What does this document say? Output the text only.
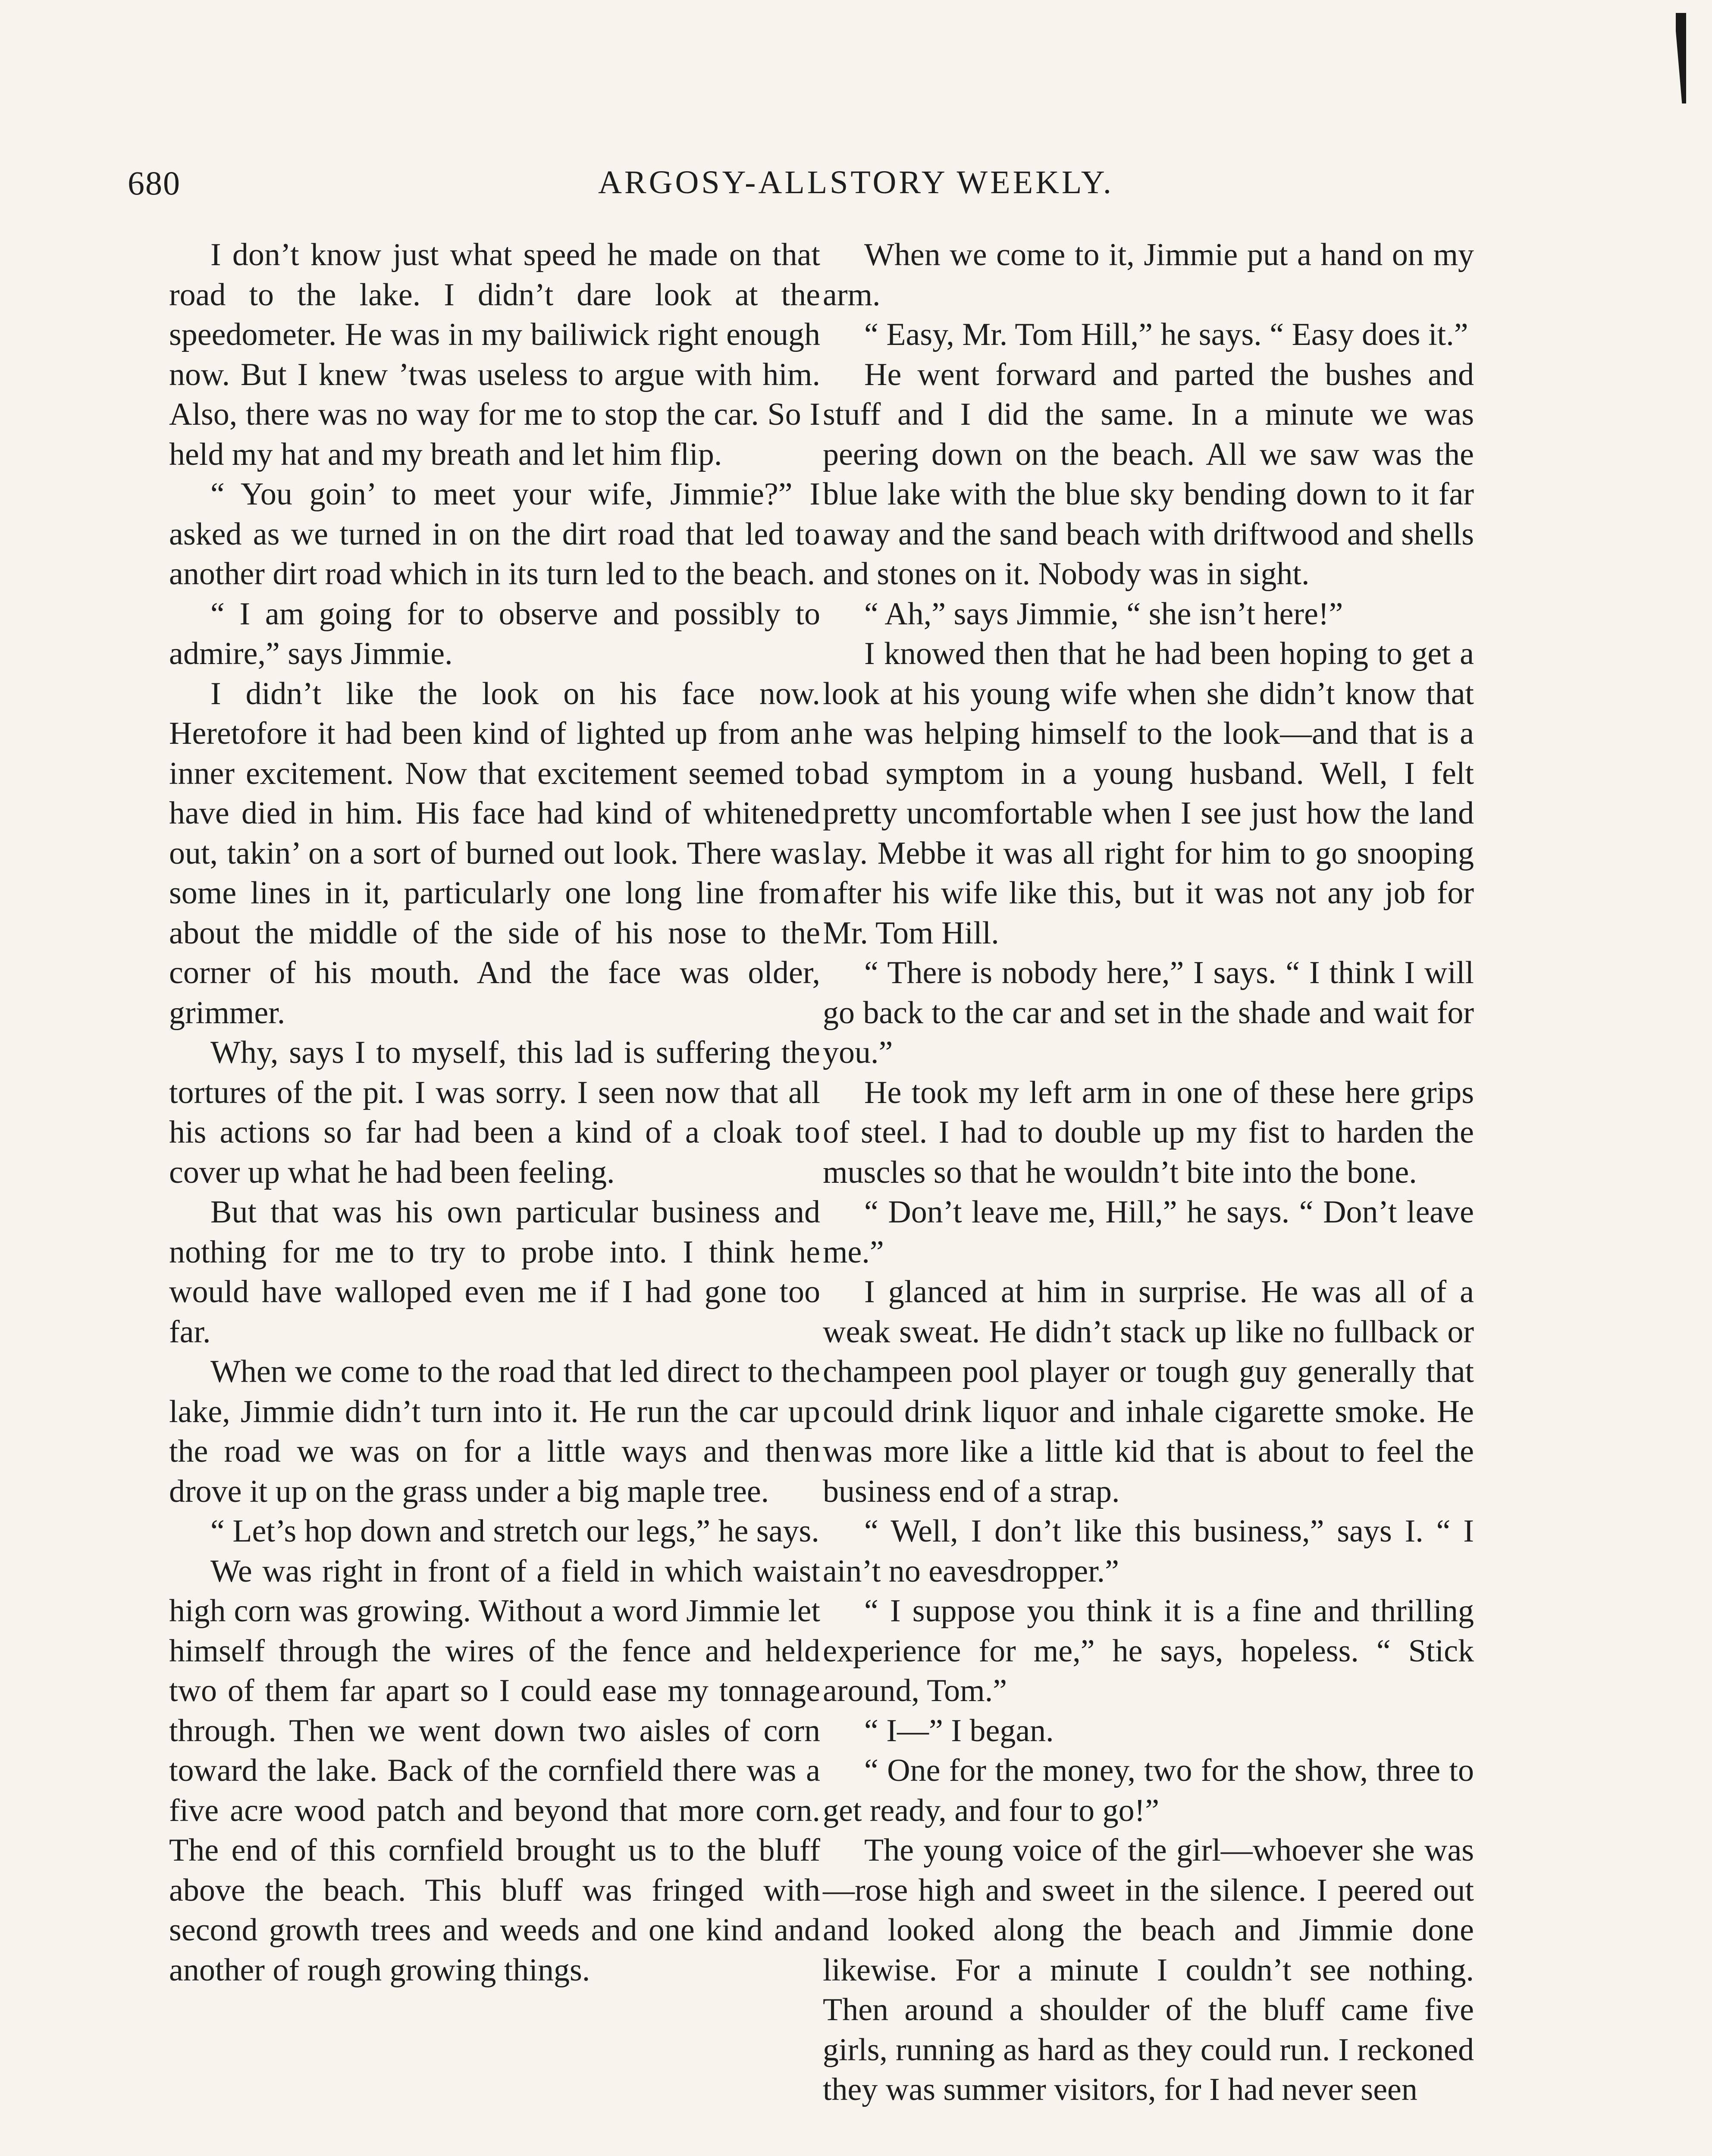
680	ARGOSY-ALLSTORY WEEKLY.

I don’t know just what speed he made on that road to the lake. I didn’t dare look at the speedometer. He was in my bailiwick right enough now. But I knew ’twas useless to argue with him. Also, there was no way for me to stop the car. So I held my hat and my breath and let him flip.

“ You goin’ to meet your wife, Jimmie?” I asked as we turned in on the dirt road that led to another dirt road which in its turn led to the beach.

“ I am going for to observe and possibly to admire,” says Jimmie.

I didn’t like the look on his face now. Heretofore it had been kind of lighted up from an inner excitement. Now that excitement seemed to have died in him. His face had kind of whitened out, takin’ on a sort of burned out look. There was some lines in it, particularly one long line from about the middle of the side of his nose to the corner of his mouth. And the face was older, grimmer.

Why, says I to myself, this lad is suffering the tortures of the pit. I was sorry. I seen now that all his actions so far had been a kind of a cloak to cover up what he had been feeling.

But that was his own particular business and nothing for me to try to probe into. I think he would have walloped even me if I had gone too far.

When we come to the road that led direct to the lake, Jimmie didn’t turn into it. He run the car up the road we was on for a little ways and then drove it up on the grass under a big maple tree.

“ Let’s hop down and stretch our legs,” he says.

We was right in front of a field in which waist high corn was growing. Without a word Jimmie let himself through the wires of the fence and held two of them far apart so I could ease my tonnage through. Then we went down two aisles of corn toward the lake. Back of the cornfield there was a five acre wood patch and beyond that more corn. The end of this cornfield brought us to the bluff above the beach. This bluff was fringed with second growth trees and weeds and one kind and another of rough growing things.

When we come to it, Jimmie put a hand on my arm.

“ Easy, Mr. Tom Hill,” he says. “ Easy does it.”

He went forward and parted the bushes and stuff and I did the same. In a minute we was peering down on the beach. All we saw was the blue lake with the blue sky bending down to it far away and the sand beach with driftwood and shells and stones on it. Nobody was in sight.

“ Ah,” says Jimmie, “ she isn’t here!”

I knowed then that he had been hoping to get a look at his young wife when she didn’t know that he was helping himself to the look—and that is a bad symptom in a young husband. Well, I felt pretty uncomfortable when I see just how the land lay. Mebbe it was all right for him to go snooping after his wife like this, but it was not any job for Mr. Tom Hill.

“ There is nobody here,” I says. “ I think I will go back to the car and set in the shade and wait for you.”

He took my left arm in one of these here grips of steel. I had to double up my fist to harden the muscles so that he wouldn’t bite into the bone.

“ Don’t leave me, Hill,” he says. “ Don’t leave me.”

I glanced at him in surprise. He was all of a weak sweat. He didn’t stack up like no fullback or champeen pool player or tough guy generally that could drink liquor and inhale cigarette smoke. He was more like a little kid that is about to feel the business end of a strap.

“ Well, I don’t like this business,” says I. “ I ain’t no eavesdropper.”

“ I suppose you think it is a fine and thrilling experience for me,” he says, hopeless. “ Stick around, Tom.”

“ I—” I began.

“ One for the money, two for the show, three to get ready, and four to go!”

The young voice of the girl—whoever she was—rose high and sweet in the silence. I peered out and looked along the beach and Jimmie done likewise. For a minute I couldn’t see nothing. Then around a shoulder of the bluff came five girls, running as hard as they could run. I reckoned they was summer visitors, for I had never seen
